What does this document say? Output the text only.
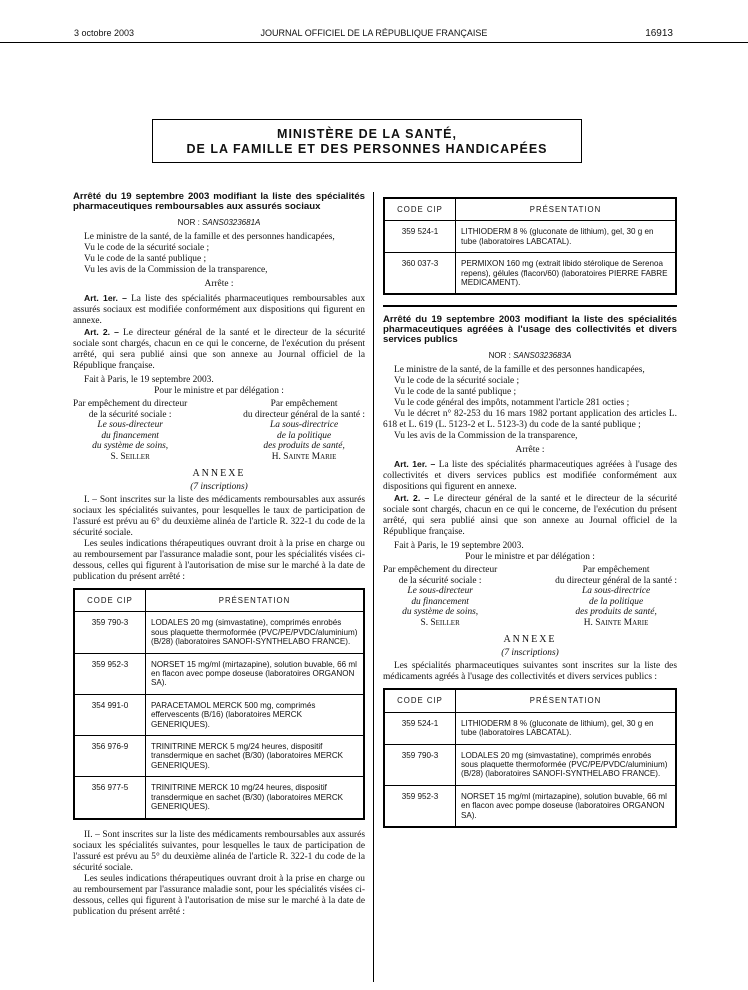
3 octobre 2003	JOURNAL OFFICIEL DE LA RÉPUBLIQUE FRANÇAISE	16913
MINISTÈRE DE LA SANTÉ,
DE LA FAMILLE ET DES PERSONNES HANDICAPÉES

Arrêté du 19 septembre 2003 modifiant la liste des spécialités pharmaceutiques remboursables aux assurés sociaux

NOR : SANS0323681A

Le ministre de la santé, de la famille et des personnes handicapées,

Vu le code de la sécurité sociale ;

Vu le code de la santé publique ;

Vu les avis de la Commission de la transparence,

Arrête :

Art. 1er. – La liste des spécialités pharmaceutiques remboursables aux assurés sociaux est modifiée conformément aux dispositions qui figurent en annexe.

Art. 2. – Le directeur général de la santé et le directeur de la sécurité sociale sont chargés, chacun en ce qui le concerne, de l'exécution du présent arrêté, qui sera publié ainsi que son annexe au Journal officiel de la République française.

Fait à Paris, le 19 septembre 2003.

Pour le ministre et par délégation :

Par empêchement du directeur
de la sécurité sociale :
Le sous-directeur
du financement
du système de soins,
S. Seiller
Par empêchement
du directeur général de la santé :
La sous-directrice
de la politique
des produits de santé,
H. Sainte Marie
ANNEXE
(7 inscriptions)

I. – Sont inscrites sur la liste des médicaments remboursables aux assurés sociaux les spécialités suivantes, pour lesquelles le taux de participation de l'assuré est prévu au 6° du deuxième alinéa de l'article R. 322-1 du code de la sécurité sociale.

Les seules indications thérapeutiques ouvrant droit à la prise en charge ou au remboursement par l'assurance maladie sont, pour les spécialités visées ci-dessous, celles qui figurent à l'autorisation de mise sur le marché à la date de publication du présent arrêté :

CODE CIP	PRÉSENTATION
359 790-3	LODALES 20 mg (simvastatine), comprimés enrobés sous plaquette thermoformée (PVC/PE/PVDC/aluminium) (B/28) (laboratoires SANOFI-SYNTHELABO FRANCE).
359 952-3	NORSET 15 mg/ml (mirtazapine), solution buvable, 66 ml en flacon avec pompe doseuse (laboratoires ORGANON SA).
354 991-0	PARACETAMOL MERCK 500 mg, comprimés effervescents (B/16) (laboratoires MERCK GENERIQUES).
356 976-9	TRINITRINE MERCK 5 mg/24 heures, dispositif transdermique en sachet (B/30) (laboratoires MERCK GENERIQUES).
356 977-5	TRINITRINE MERCK 10 mg/24 heures, dispositif transdermique en sachet (B/30) (laboratoires MERCK GENERIQUES).

II. – Sont inscrites sur la liste des médicaments remboursables aux assurés sociaux les spécialités suivantes, pour lesquelles le taux de participation de l'assuré est prévu au 5° du deuxième alinéa de l'article R. 322-1 du code de la sécurité sociale.

Les seules indications thérapeutiques ouvrant droit à la prise en charge ou au remboursement par l'assurance maladie sont, pour les spécialités visées ci-dessous, celles qui figurent à l'autorisation de mise sur le marché à la date de publication du présent arrêté :

CODE CIP	PRÉSENTATION
359 524-1	LITHIODERM 8 % (gluconate de lithium), gel, 30 g en tube (laboratoires LABCATAL).
360 037-3	PERMIXON 160 mg (extrait libido stérolique de Serenoa repens), gélules (flacon/60) (laboratoires PIERRE FABRE MEDICAMENT).

Arrêté du 19 septembre 2003 modifiant la liste des spécialités pharmaceutiques agréées à l'usage des collectivités et divers services publics

NOR : SANS0323683A

Le ministre de la santé, de la famille et des personnes handicapées,

Vu le code de la sécurité sociale ;

Vu le code de la santé publique ;

Vu le code général des impôts, notamment l'article 281 octies ;

Vu le décret n° 82-253 du 16 mars 1982 portant application des articles L. 618 et L. 619 (L. 5123-2 et L. 5123-3) du code de la santé publique ;

Vu les avis de la Commission de la transparence,

Arrête :

Art. 1er. – La liste des spécialités pharmaceutiques agréées à l'usage des collectivités et divers services publics est modifiée conformément aux dispositions qui figurent en annexe.

Art. 2. – Le directeur général de la santé et le directeur de la sécurité sociale sont chargés, chacun en ce qui le concerne, de l'exécution du présent arrêté, qui sera publié ainsi que son annexe au Journal officiel de la République française.

Fait à Paris, le 19 septembre 2003.

Pour le ministre et par délégation :

Par empêchement du directeur
de la sécurité sociale :
Le sous-directeur
du financement
du système de soins,
S. Seiller
Par empêchement
du directeur général de la santé :
La sous-directrice
de la politique
des produits de santé,
H. Sainte Marie
ANNEXE
(7 inscriptions)

Les spécialités pharmaceutiques suivantes sont inscrites sur la liste des médicaments agréés à l'usage des collectivités et divers services publics :

CODE CIP	PRÉSENTATION
359 524-1	LITHIODERM 8 % (gluconate de lithium), gel, 30 g en tube (laboratoires LABCATAL).
359 790-3	LODALES 20 mg (simvastatine), comprimés enrobés sous plaquette thermoformée (PVC/PE/PVDC/aluminium) (B/28) (laboratoires SANOFI-SYNTHELABO FRANCE).
359 952-3	NORSET 15 mg/ml (mirtazapine), solution buvable, 66 ml en flacon avec pompe doseuse (laboratoires ORGANON SA).
